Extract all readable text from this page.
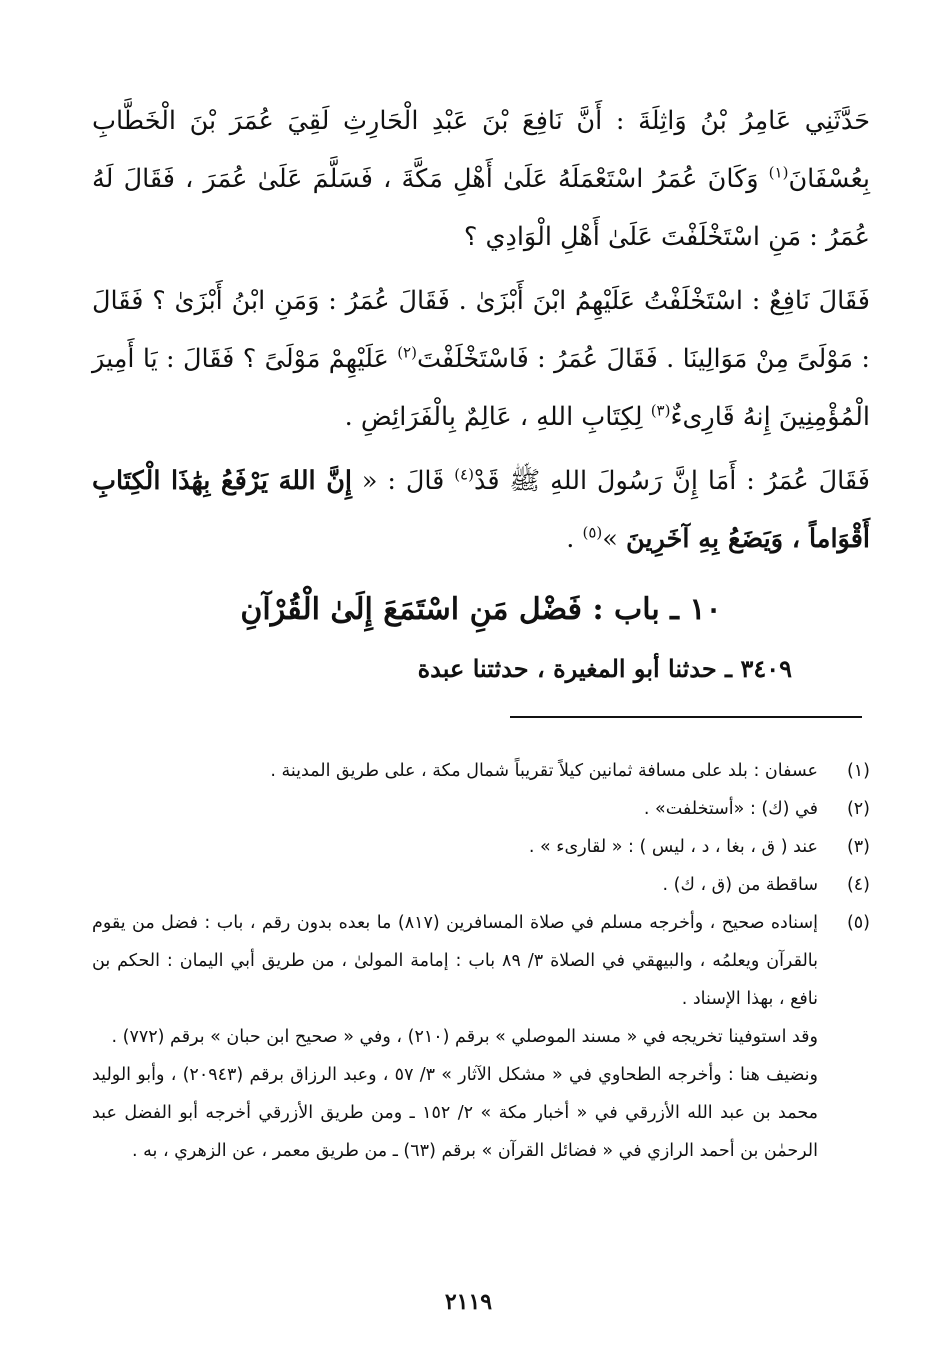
حَدَّثَنِي عَامِرُ بْنُ وَاثِلَةَ : أَنَّ نَافِعَ بْنَ عَبْدِ الْحَارِثِ لَقِيَ عُمَرَ بْنَ الْخَطَّابِ بِعُسْفَانَ$^{(١)}$ وَكَانَ عُمَرُ اسْتَعْمَلَهُ عَلَىٰ أَهْلِ مَكَّةَ ، فَسَلَّمَ عَلَىٰ عُمَرَ ، فَقَالَ لَهُ عُمَرُ : مَنِ اسْتَخْلَفْتَ عَلَىٰ أَهْلِ الْوَادِي ؟

فَقَالَ نَافِعٌ : اسْتَخْلَفْتُ عَلَيْهِمُ ابْنَ أَبْزَىٰ . فَقَالَ عُمَرُ : وَمَنِ ابْنُ أَبْزَىٰ ؟ فَقَالَ : مَوْلَىً مِنْ مَوَالِينَا . فَقَالَ عُمَرُ : فَاسْتَخْلَفْتَ$^{(٢)}$ عَلَيْهِمْ مَوْلَىً ؟ فَقَالَ : يَا أَمِيرَ الْمُؤْمِنِينَ إِنهُ قَارِىءٌ$^{(٣)}$ لِكِتَابِ اللهِ ، عَالِمٌ بِالْفَرَائِضِ .

فَقَالَ عُمَرُ : أَمَا إِنَّ رَسُولَ اللهِ ﷺ قَدْ$^{(٤)}$ قَالَ : « إِنَّ اللهَ يَرْفَعُ بِهَٰذَا الْكِتَابِ أَقْوَاماً ، وَيَضَعُ بِهِ آخَرِينَ »$^{(٥)}$ .

١٠ ـ باب : فَضْل مَنِ اسْتَمَعَ إِلَىٰ الْقُرْآنِ
٣٤٠٩ ـ حدثنا أبو المغيرة ، حدثتنا عبدة
(١)

عسفان : بلد على مسافة ثمانين كيلاً تقريباً شمال مكة ، على طريق المدينة .

(٢)

في (ك) : «أستخلفت» .

(٣)

عند ( ق ، بغا ، د ، ليس ) : « لقارىء » .

(٤)

ساقطة من (ق ، ك) .

(٥)

إسناده صحيح ، وأخرجه مسلم في صلاة المسافرين (٨١٧) ما بعده بدون رقم ، باب : فضل من يقوم بالقرآن ويعلمُه ، والبيهقي في الصلاة ٣/ ٨٩ باب : إمامة المولىٰ ، من طريق أبي اليمان : الحكم بن نافع ، بهذا الإسناد .

وقد استوفينا تخريجه في « مسند الموصلي » برقم (٢١٠) ، وفي « صحيح ابن حبان » برقم (٧٧٢) .

ونضيف هنا : وأخرجه الطحاوي في « مشكل الآثار » ٣/ ٥٧ ، وعبد الرزاق برقم (٢٠٩٤٣) ، وأبو الوليد محمد بن عبد الله الأزرقي في « أخبار مكة » ٢/ ١٥٢ ـ ومن طريق الأزرقي أخرجه أبو الفضل عبد الرحمٰن بن أحمد الرازي في « فضائل القرآن » برقم (٦٣) ـ من طريق معمر ، عن الزهري ، به .

٢١١٩
